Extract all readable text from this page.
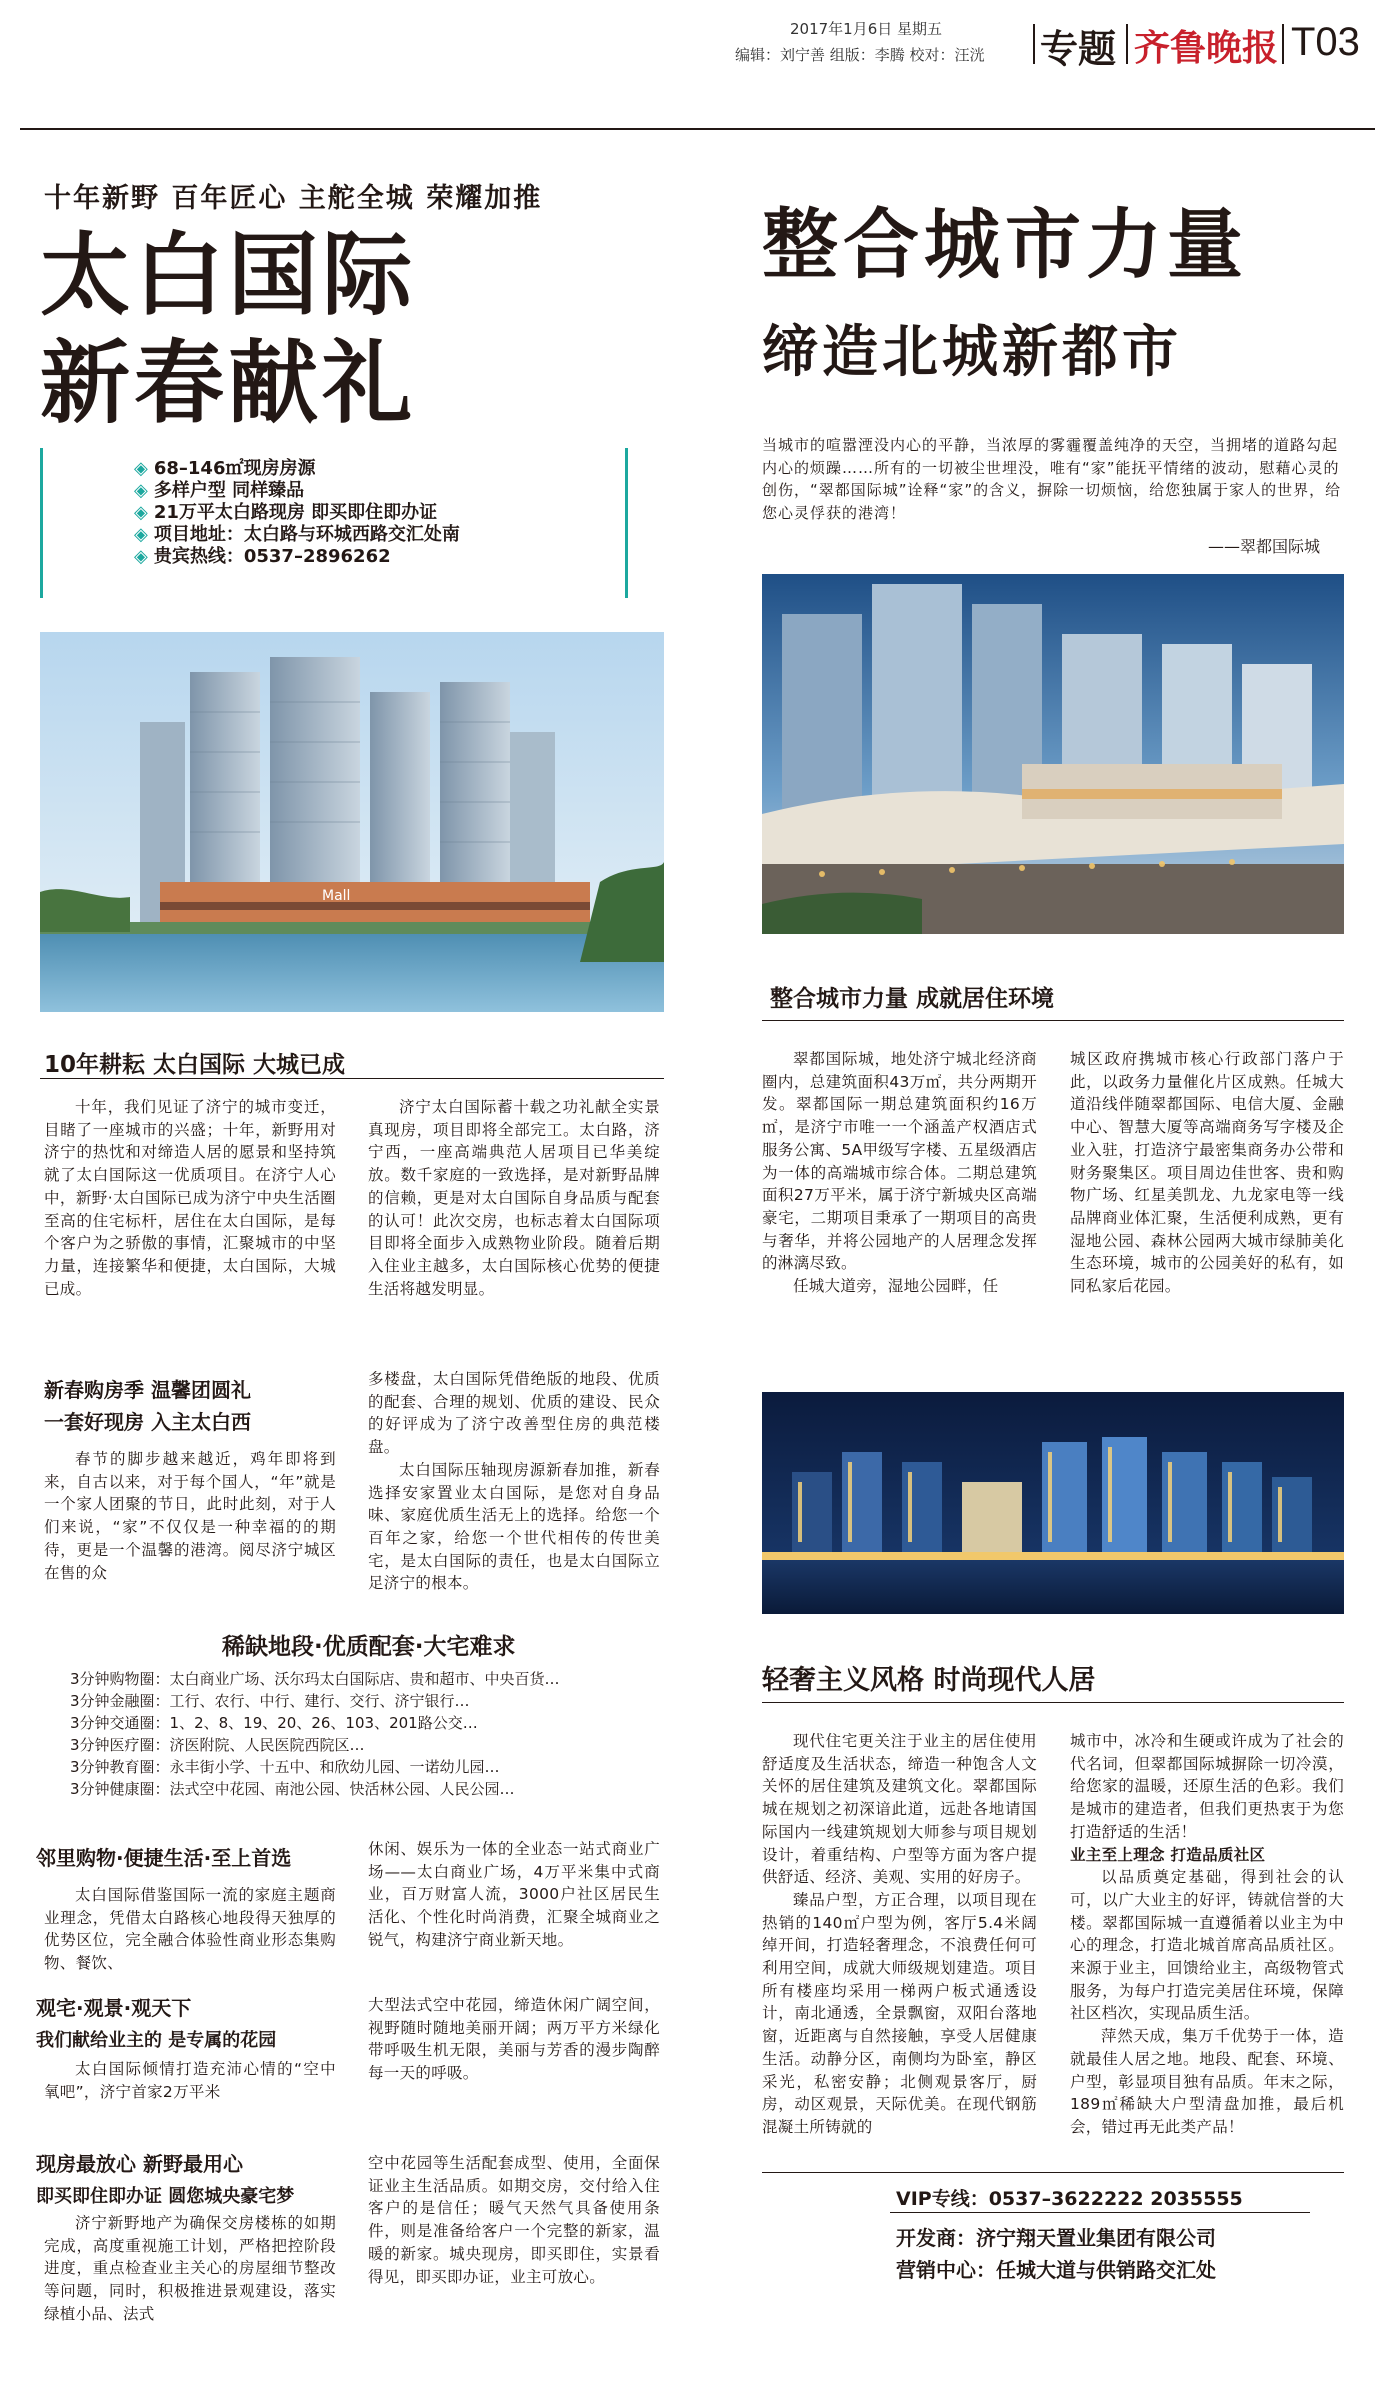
2017年1月6日 星期五
编辑：刘宁善 组版：李腾 校对：汪洸 专题 齐鲁晚报 T03
十年新野 百年匠心 主舵全城 荣耀加推
太白国际
新春献礼
◈ 68–146㎡现房房源
◈ 多样户型 同样臻品
◈ 21万平太白路现房 即买即住即办证
◈ 项目地址：太白路与环城西路交汇处南
◈ 贵宾热线：0537–2896262
Mall
10年耕耘 太白国际 大城已成

十年，我们见证了济宁的城市变迁，目睹了一座城市的兴盛；十年，新野用对济宁的热忱和对缔造人居的愿景和坚持筑就了太白国际这一优质项目。在济宁人心中，新野·太白国际已成为济宁中央生活圈至高的住宅标杆，居住在太白国际，是每个客户为之骄傲的事情，汇聚城市的中坚力量，连接繁华和便捷，太白国际，大城已成。

济宁太白国际蓄十载之功礼献全实景真现房，项目即将全部完工。太白路，济宁西，一座高端典范人居项目已华美绽放。数千家庭的一致选择，是对新野品牌的信赖，更是对太白国际自身品质与配套的认可！此次交房，也标志着太白国际项目即将全面步入成熟物业阶段。随着后期入住业主越多，太白国际核心优势的便捷生活将越发明显。

新春购房季 温馨团圆礼
一套好现房 入主太白西

春节的脚步越来越近，鸡年即将到来，自古以来，对于每个国人，“年”就是一个家人团聚的节日，此时此刻，对于人们来说，“家”不仅仅是一种幸福的的期待，更是一个温馨的港湾。阅尽济宁城区在售的众

多楼盘，太白国际凭借绝版的地段、优质的配套、合理的规划、优质的建设、民众的好评成为了济宁改善型住房的典范楼盘。

太白国际压轴现房源新春加推，新春选择安家置业太白国际，是您对自身品味、家庭优质生活无上的选择。给您一个百年之家，给您一个世代相传的传世美宅，是太白国际的责任，也是太白国际立足济宁的根本。

稀缺地段·优质配套·大宅难求
3分钟购物圈：太白商业广场、沃尔玛太白国际店、贵和超市、中央百货…
3分钟金融圈：工行、农行、中行、建行、交行、济宁银行…
3分钟交通圈：1、2、8、19、20、26、103、201路公交…
3分钟医疗圈：济医附院、人民医院西院区…
3分钟教育圈：永丰街小学、十五中、和欣幼儿园、一诺幼儿园…
3分钟健康圈：法式空中花园、南池公园、快活林公园、人民公园…
邻里购物·便捷生活·至上首选

太白国际借鉴国际一流的家庭主题商业理念，凭借太白路核心地段得天独厚的优势区位，完全融合体验性商业形态集购物、餐饮、

休闲、娱乐为一体的全业态一站式商业广场——太白商业广场，4万平米集中式商业，百万财富人流，3000户社区居民生活化、个性化时尚消费，汇聚全城商业之锐气，构建济宁商业新天地。

观宅·观景·观天下
我们献给业主的 是专属的花园

太白国际倾情打造充沛心情的“空中氧吧”，济宁首家2万平米

大型法式空中花园，缔造休闲广阔空间，视野随时随地美丽开阔；两万平方米绿化带呼吸生机无限，美丽与芳香的漫步陶醉每一天的呼吸。

现房最放心 新野最用心
即买即住即办证 圆您城央豪宅梦

济宁新野地产为确保交房楼栋的如期完成，高度重视施工计划，严格把控阶段进度，重点检查业主关心的房屋细节整改等问题，同时，积极推进景观建设，落实绿植小品、法式

空中花园等生活配套成型、使用，全面保证业主生活品质。如期交房，交付给入住客户的是信任；暖气天然气具备使用条件，则是准备给客户一个完整的新家，温暖的新家。城央现房，即买即住，实景看得见，即买即办证，业主可放心。

整合城市力量
缔造北城新都市
当城市的喧嚣湮没内心的平静，当浓厚的雾霾覆盖纯净的天空，当拥堵的道路勾起内心的烦躁……所有的一切被尘世埋没，唯有“家”能抚平情绪的波动，慰藉心灵的创伤，“翠都国际城”诠释“家”的含义，摒除一切烦恼，给您独属于家人的世界，给您心灵俘获的港湾！
——翠都国际城
整合城市力量 成就居住环境

翠都国际城，地处济宁城北经济商圈内，总建筑面积43万㎡，共分两期开发。翠都国际一期总建筑面积约16万㎡，是济宁市唯一一个涵盖产权酒店式服务公寓、5A甲级写字楼、五星级酒店为一体的高端城市综合体。二期总建筑面积27万平米，属于济宁新城央区高端豪宅，二期项目秉承了一期项目的高贵与奢华，并将公园地产的人居理念发挥的淋漓尽致。

任城大道旁，湿地公园畔，任

城区政府携城市核心行政部门落户于此，以政务力量催化片区成熟。任城大道沿线伴随翠都国际、电信大厦、金融中心、智慧大厦等高端商务写字楼及企业入驻，打造济宁最密集商务办公带和财务聚集区。项目周边佳世客、贵和购物广场、红星美凯龙、九龙家电等一线品牌商业体汇聚，生活便利成熟，更有湿地公园、森林公园两大城市绿肺美化生态环境，城市的公园美好的私有，如同私家后花园。

轻奢主义风格 时尚现代人居

现代住宅更关注于业主的居住使用舒适度及生活状态，缔造一种饱含人文关怀的居住建筑及建筑文化。翠都国际城在规划之初深谙此道，远赴各地请国际国内一线建筑规划大师参与项目规划设计，着重结构、户型等方面为客户提供舒适、经济、美观、实用的好房子。

臻品户型，方正合理，以项目现在热销的140㎡户型为例，客厅5.4米阔绰开间，打造轻奢理念，不浪费任何可利用空间，成就大师级规划建造。项目所有楼座均采用一梯两户板式通透设计，南北通透，全景飘窗，双阳台落地窗，近距离与自然接触，享受人居健康生活。动静分区，南侧均为卧室，静区采光，私密安静；北侧观景客厅，厨房，动区观景，天际优美。在现代钢筋混凝土所铸就的

城市中，冰冷和生硬或许成为了社会的代名词，但翠都国际城摒除一切冷漠，给您家的温暖，还原生活的色彩。我们是城市的建造者，但我们更热衷于为您打造舒适的生活！

业主至上理念 打造品质社区

以品质奠定基础，得到社会的认可，以广大业主的好评，铸就信誉的大楼。翠都国际城一直遵循着以业主为中心的理念，打造北城首席高品质社区。来源于业主，回馈给业主，高级物管式服务，为每户打造完美居住环境，保障社区档次，实现品质生活。

萍然天成，集万千优势于一体，造就最佳人居之地。地段、配套、环境、户型，彰显项目独有品质。年末之际，189㎡稀缺大户型清盘加推，最后机会，错过再无此类产品！

VIP专线：0537–3622222 2035555
开发商：济宁翔天置业集团有限公司
营销中心：任城大道与供销路交汇处
